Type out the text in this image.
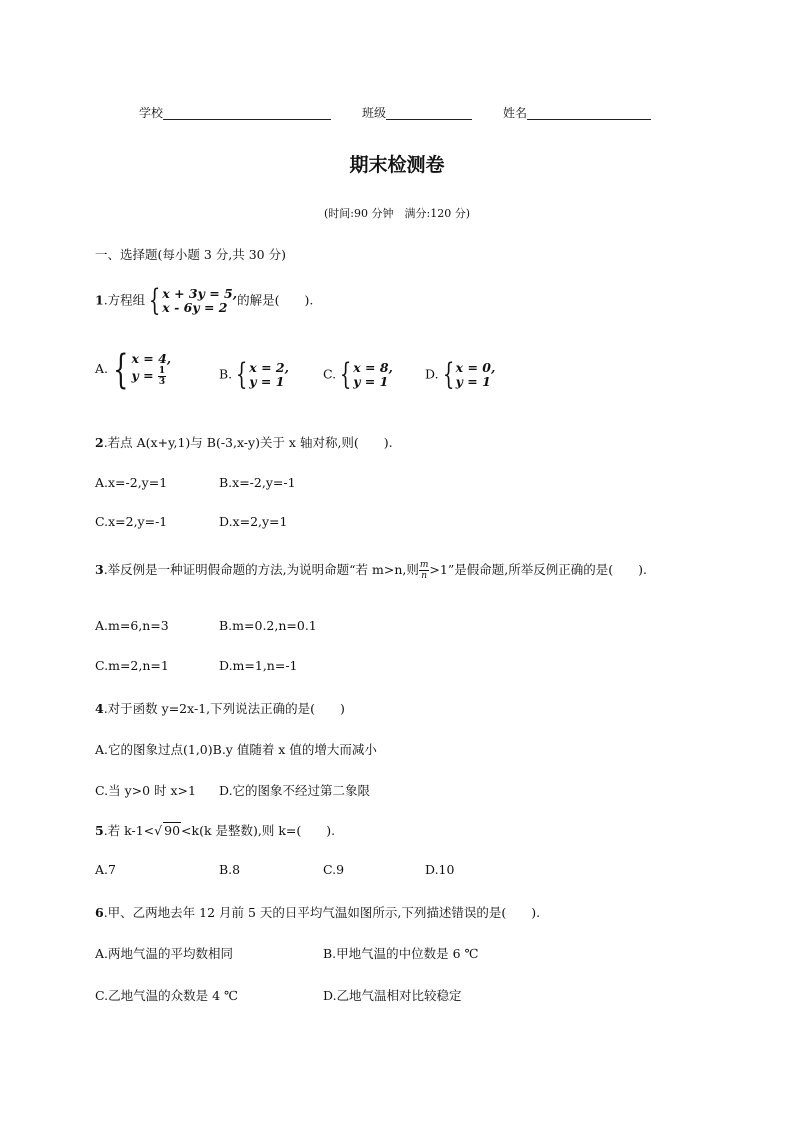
学校	班级	姓名
期末检测卷
(时间:90 分钟　满分:120 分)
一、选择题(每小题 3 分,共 30 分)
1.方程组 { x + 3y = 5,
x - 6y = 2 的解是(　　).
A. { x = 4,
$y = \frac{1}{3}$	B. { x = 2,
y = 1	C. { x = 8,
y = 1	D. { x = 0,
y = 1
2.若点 A(x+y,1)与 B(-3,x-y)关于 x 轴对称,则(　　).
A.x=-2,y=1	B.x=-2,y=-1
C.x=2,y=-1	D.x=2,y=1
3.举反例是一种证明假命题的方法,为说明命题“若 m>n,则 $\frac{m}{n} >1$”是假命题,所举反例正确的是(　　).
A.m=6,n=3	B.m=0.2,n=0.1
C.m=2,n=1	D.m=1,n=-1
4.对于函数 y=2x-1,下列说法正确的是(　　)
A.它的图象过点(1,0)B.y 值随着 x 值的增大而减小
C.当 y>0 时 x>1 D.它的图象不经过第二象限
5.若 k-1<√ 90<k(k 是整数),则 k=(　　).
A.7	B.8	C.9	D.10
6.甲、乙两地去年 12 月前 5 天的日平均气温如图所示,下列描述错误的是(　　).
A.两地气温的平均数相同	B.甲地气温的中位数是 6 ℃
C.乙地气温的众数是 4 ℃	D.乙地气温相对比较稳定
